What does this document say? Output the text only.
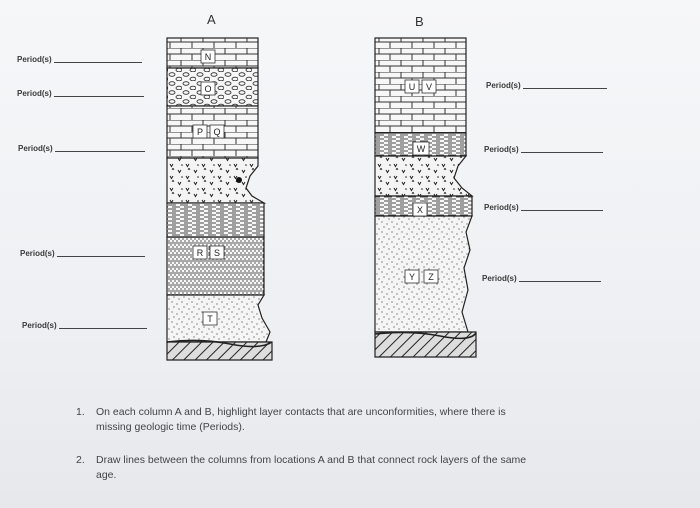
A	B
Period(s)
Period(s)
Period(s)
Period(s)
Period(s)
Period(s)
Period(s)
Period(s)
Period(s)
N
O
P Q
R S
T
U V
W
X
Y Z
1. On each column A and B, highlight layer contacts that are unconformities, where there is
missing geologic time (Periods).
2. Draw lines between the columns from locations A and B that connect rock layers of the same
age.
